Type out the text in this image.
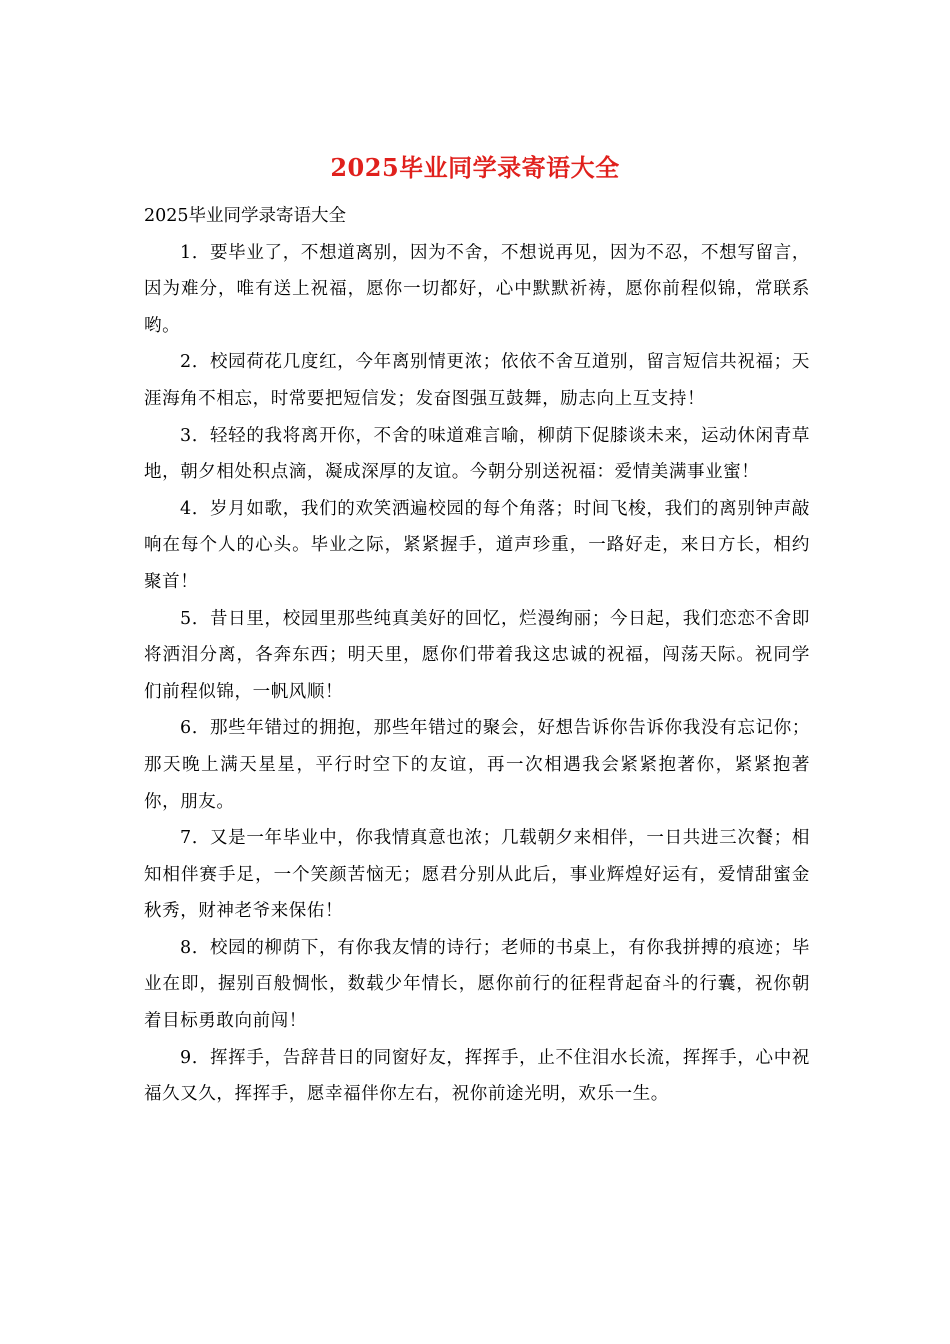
2025毕业同学录寄语大全

2025毕业同学录寄语大全

1．要毕业了，不想道离别，因为不舍，不想说再见，因为不忍，不想写留言，因为难分，唯有送上祝福，愿你一切都好，心中默默祈祷，愿你前程似锦，常联系哟。

2．校园荷花几度红，今年离别情更浓；依依不舍互道别，留言短信共祝福；天涯海角不相忘，时常要把短信发；发奋图强互鼓舞，励志向上互支持！

3．轻轻的我将离开你，不舍的味道难言喻，柳荫下促膝谈未来，运动休闲青草地，朝夕相处积点滴，凝成深厚的友谊。今朝分别送祝福：爱情美满事业蜜！

4．岁月如歌，我们的欢笑洒遍校园的每个角落；时间飞梭，我们的离别钟声敲响在每个人的心头。毕业之际，紧紧握手，道声珍重，一路好走，来日方长，相约聚首！

5．昔日里，校园里那些纯真美好的回忆，烂漫绚丽；今日起，我们恋恋不舍即将洒泪分离，各奔东西；明天里，愿你们带着我这忠诚的祝福，闯荡天际。祝同学们前程似锦，一帆风顺！

6．那些年错过的拥抱，那些年错过的聚会，好想告诉你告诉你我没有忘记你；那天晚上满天星星，平行时空下的友谊，再一次相遇我会紧紧抱著你，紧紧抱著你，朋友。

7．又是一年毕业中，你我情真意也浓；几载朝夕来相伴，一日共进三次餐；相知相伴赛手足，一个笑颜苦恼无；愿君分别从此后，事业辉煌好运有，爱情甜蜜金秋秀，财神老爷来保佑！

8．校园的柳荫下，有你我友情的诗行；老师的书桌上，有你我拼搏的痕迹；毕业在即，握别百般惆怅，数载少年情长，愿你前行的征程背起奋斗的行囊，祝你朝着目标勇敢向前闯！

9．挥挥手，告辞昔日的同窗好友，挥挥手，止不住泪水长流，挥挥手，心中祝福久又久，挥挥手，愿幸福伴你左右，祝你前途光明，欢乐一生。
